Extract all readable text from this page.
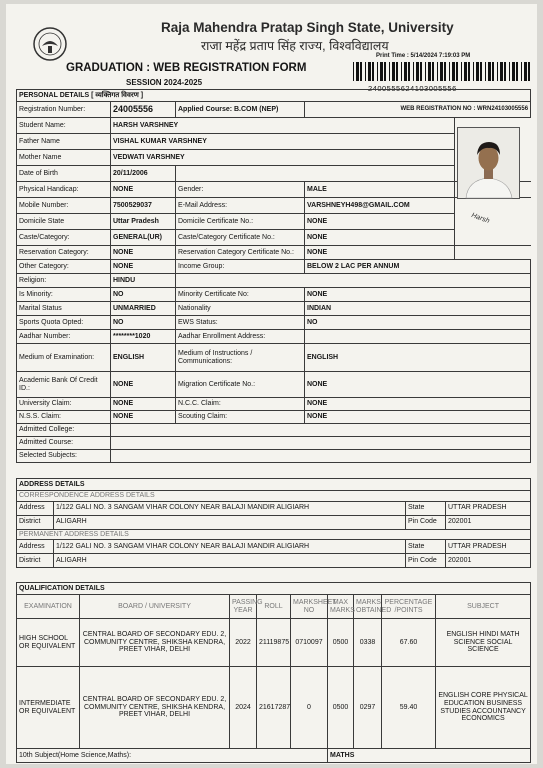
Raja Mahendra Pratap Singh State, University
राजा महेंद्र प्रताप सिंह राज्य, विश्वविद्यालय
GRADUATION : WEB REGISTRATION FORM
SESSION 2024-2025
Print Time : 5/14/2024 7:19:03 PM
2400555624103005556
PERSONAL DETAILS [ व्यक्तिगत विवरण ]				
Registration Number:	24005556	Applied Course: B.COM (NEP)	WEB REGISTRATION NO : WRN24103005556	
Student Name:	HARSH VARSHNEY			
Father Name	VISHAL KUMAR VARSHNEY			
Mother Name	VEDWATI VARSHNEY			
Date of Birth	20/11/2006			
Physical Handicap:	NONE	Gender:	MALE	
Mobile Number:	7500529037	E-Mail Address:	VARSHNEYH498@GMAIL.COM	
Domicile State	Uttar Pradesh	Domicile Certificate No.:	NONE	
Caste/Category:	GENERAL(UR)	Caste/Category Certificate No.:	NONE	
Reservation Category:	NONE	Reservation Category Certificate No.:	NONE	
Other Category:	NONE	Income Group:	BELOW 2 LAC PER ANNUM	
Religion:	HINDU			
Is Minority:	NO	Minority Certificate No:	NONE	
Marital Status	UNMARRIED	Nationality	INDIAN	
Sports Quota Opted:	NO	EWS Status:	NO	
Aadhar Number:	********1020	Aadhar Enrollment Address:		
Medium of Examination:	ENGLISH	Medium of Instructions / Communications:	ENGLISH	
Academic Bank Of Credit ID.:	NONE	Migration Certificate No.:	NONE	
University Claim:	NONE	N.C.C. Claim:	NONE	
N.S.S. Claim:	NONE	Scouting Claim:	NONE	
Admitted College:				
Admitted Course:				
Selected Subjects:				
Harsh
ADDRESS DETAILS			
CORRESPONDENCE ADDRESS DETAILS			
Address	1/122 GALI NO. 3 SANGAM VIHAR COLONY NEAR BALAJI MANDIR ALIGIARH	State	UTTAR PRADESH
District	ALIGARH	Pin Code	202001
PERMANENT ADDRESS DETAILS			
Address	1/122 GALI NO. 3 SANGAM VIHAR COLONY NEAR BALAJI MANDIR ALIGIARH	State	UTTAR PRADESH
District	ALIGARH	Pin Code	202001
QUALIFICATION DETAILS								
EXAMINATION	BOARD / UNIVERSITY	PASSING YEAR	ROLL	MARKSHEET NO	MAX MARKS	MARKS OBTAINED	PERCENTAGE /POINTS	SUBJECT
HIGH SCHOOL OR EQUIVALENT	CENTRAL BOARD OF SECONDARY EDU. 2, COMMUNITY CENTRE, SHIKSHA KENDRA, PREET VIHAR, DELHI	2022	21119875	0710097	0500	0338	67.60	ENGLISH HINDI MATH SCIENCE SOCIAL SCIENCE
INTERMEDIATE OR EQUIVALENT	CENTRAL BOARD OF SECONDARY EDU. 2, COMMUNITY CENTRE, SHIKSHA KENDRA, PREET VIHAR, DELHI	2024	21617287	0	0500	0297	59.40	ENGLISH CORE PHYSICAL EDUCATION BUSINESS STUDIES ACCOUNTANCY ECONOMICS
10th Subject(Home Science,Maths):					MATHS			
